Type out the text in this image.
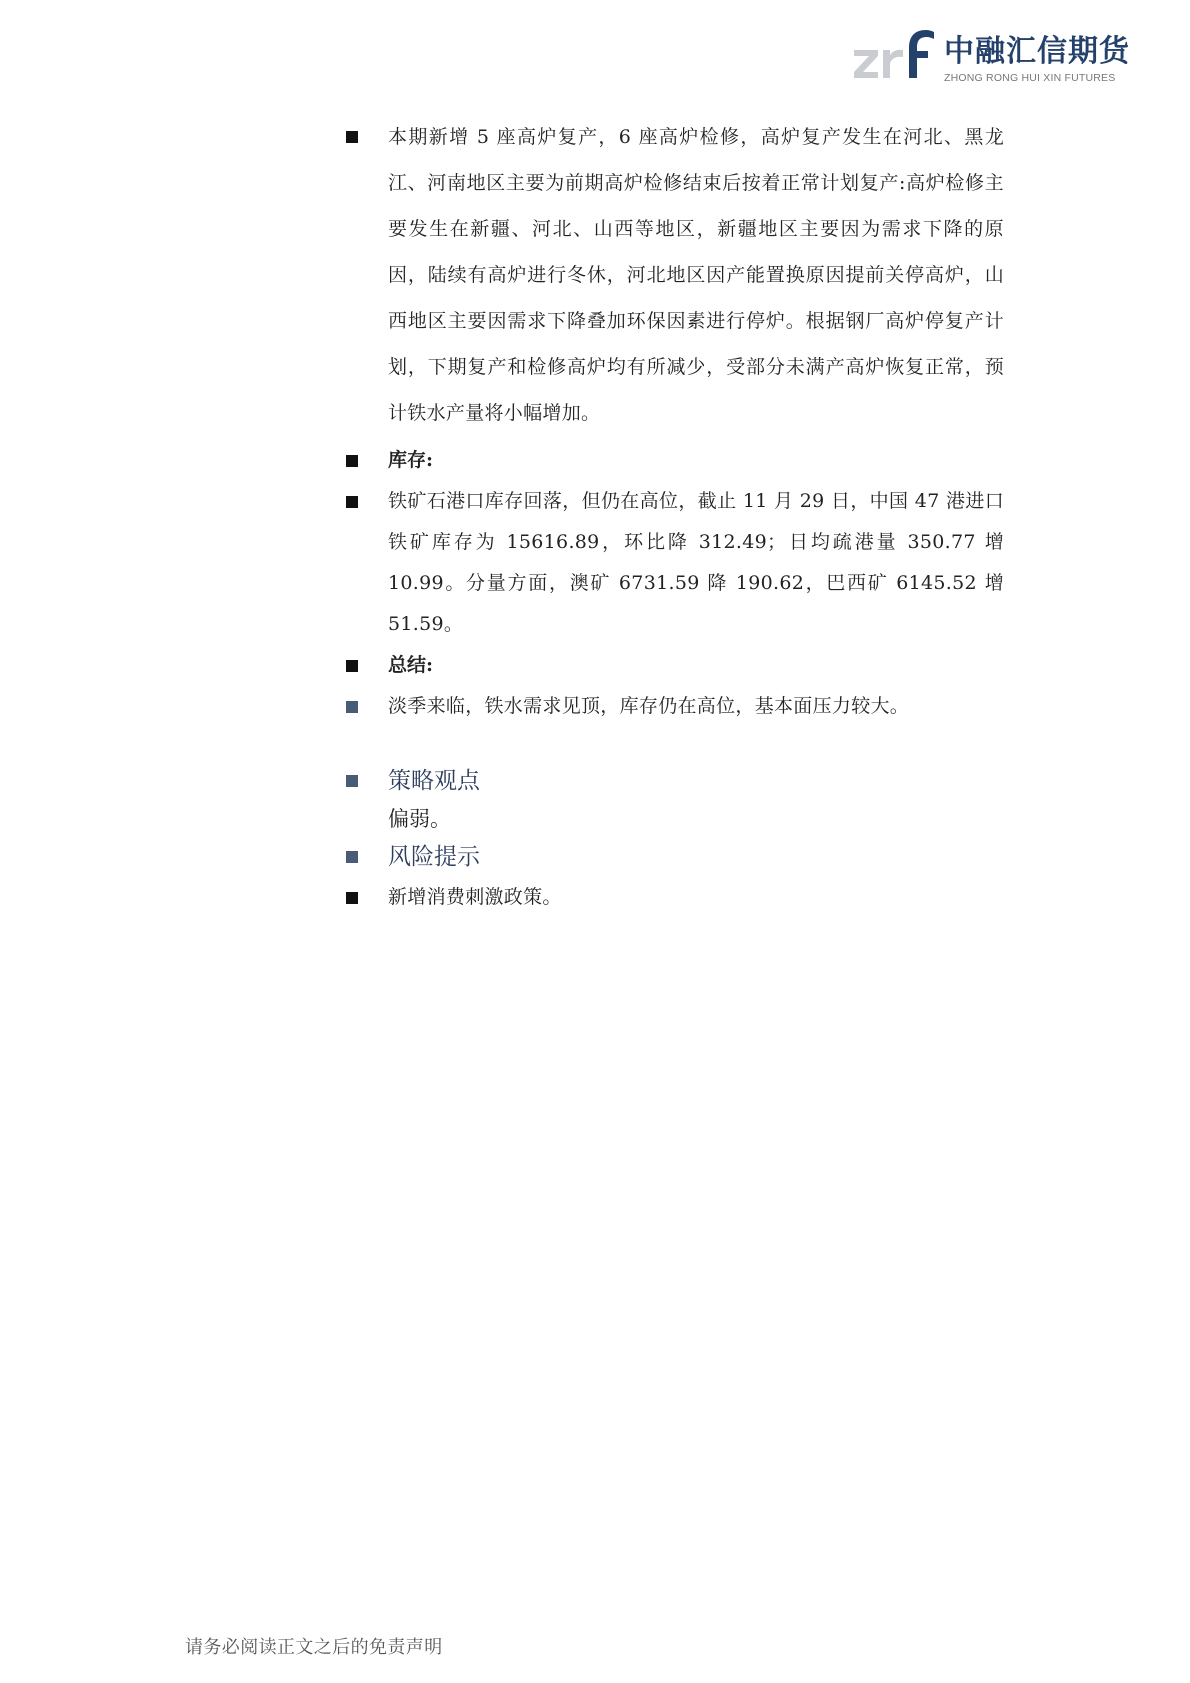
中融汇信期货
ZHONG RONG HUI XIN FUTURES
本期新增 5 座高炉复产，6 座高炉检修，高炉复产发生在河北、黑龙江、河南地区主要为前期高炉检修结束后按着正常计划复产:高炉检修主要发生在新疆、河北、山西等地区，新疆地区主要因为需求下降的原因，陆续有高炉进行冬休，河北地区因产能置换原因提前关停高炉，山西地区主要因需求下降叠加环保因素进行停炉。根据钢厂高炉停复产计划，下期复产和检修高炉均有所减少，受部分未满产高炉恢复正常，预计铁水产量将小幅增加。
库存:
铁矿石港口库存回落，但仍在高位，截止 11 月 29 日，中国 47 港进口铁矿库存为 15616.89，环比降 312.49；日均疏港量 350.77 增 10.99。分量方面，澳矿 6731.59 降 190.62，巴西矿 6145.52 增 51.59。
总结:
淡季来临，铁水需求见顶，库存仍在高位，基本面压力较大。
策略观点
偏弱。
风险提示
新增消费刺激政策。
请务必阅读正文之后的免责声明
